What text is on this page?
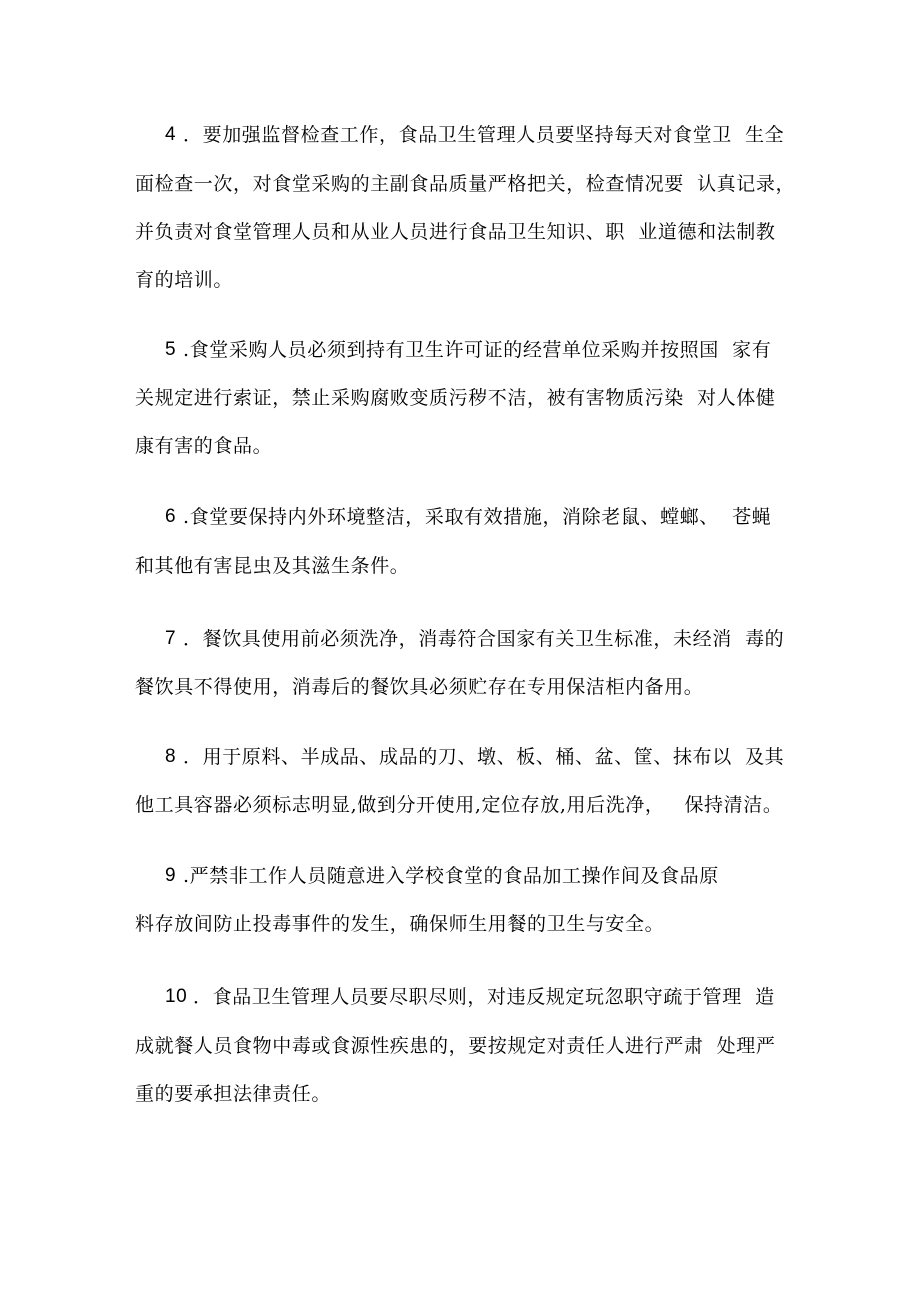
4 ．要加强监督检查工作，食品卫生管理人员要坚持每天对食堂卫  生全
面检查一次，对食堂采购的主副食品质量严格把关，检查情况要  认真记录，
并负责对食堂管理人员和从业人员进行食品卫生知识、职  业道德和法制教
育的培训。
5 .食堂采购人员必须到持有卫生许可证的经营单位采购并按照国  家有
关规定进行索证，禁止采购腐败变质污秽不洁，被有害物质污染  对人体健
康有害的食品。
6 .食堂要保持内外环境整洁，采取有效措施，消除老鼠、螳螂、  苍蝇
和其他有害昆虫及其滋生条件。
7 ．餐饮具使用前必须洗净，消毒符合国家有关卫生标准，未经消  毒的
餐饮具不得使用，消毒后的餐饮具必须贮存在专用保洁柜内备用。
8 ．用于原料、半成品、成品的刀、墩、板、桶、盆、筐、抹布以  及其
他工具容器必须标志明显,做到分开使用,定位存放,用后洗净，   保持清洁。
9 .严禁非工作人员随意进入学校食堂的食品加工操作间及食品原
料存放间防止投毒事件的发生，确保师生用餐的卫生与安全。
10 ．食品卫生管理人员要尽职尽则，对违反规定玩忽职守疏于管理  造
成就餐人员食物中毒或食源性疾患的，要按规定对责任人进行严肃  处理严
重的要承担法律责任。
